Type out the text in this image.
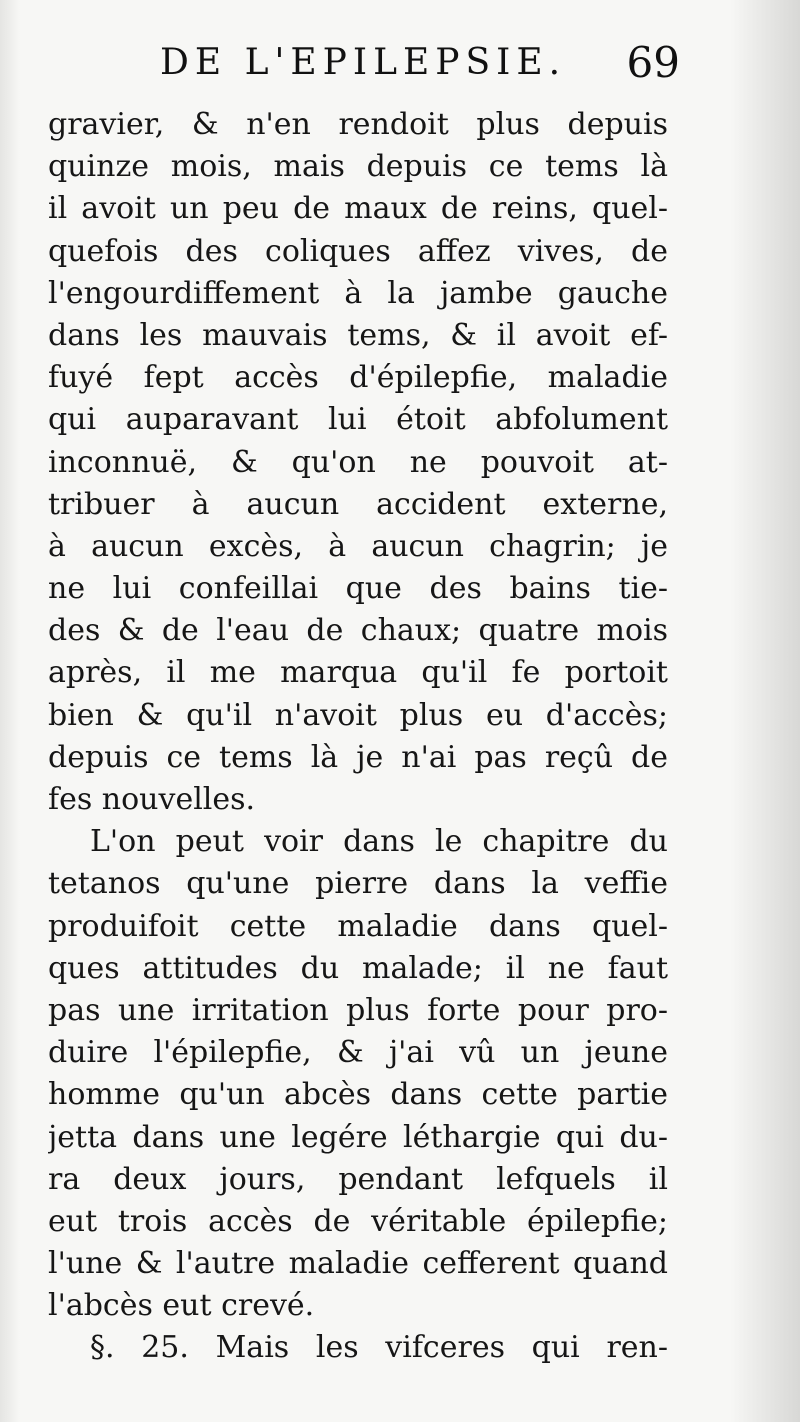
DE L'EPILEPSIE. 69
gravier, & n'en rendoit plus depuis
quinze mois, mais depuis ce tems là
il avoit un peu de maux de reins, quel-
quefois des coliques affez vives, de
l'engourdiffement à la jambe gauche
dans les mauvais tems, & il avoit ef-
fuyé fept accès d'épilepfie, maladie
qui auparavant lui étoit abfolument
inconnuë, & qu'on ne pouvoit at-
tribuer à aucun accident externe,
à aucun excès, à aucun chagrin; je
ne lui confeillai que des bains tie-
des & de l'eau de chaux; quatre mois
après, il me marqua qu'il fe portoit
bien & qu'il n'avoit plus eu d'accès;
depuis ce tems là je n'ai pas reçû de
fes nouvelles.
L'on peut voir dans le chapitre du
tetanos qu'une pierre dans la veffie
produifoit cette maladie dans quel-
ques attitudes du malade; il ne faut
pas une irritation plus forte pour pro-
duire l'épilepfie, & j'ai vû un jeune
homme qu'un abcès dans cette partie
jetta dans une legére léthargie qui du-
ra deux jours, pendant lefquels il
eut trois accès de véritable épilepfie;
l'une & l'autre maladie cefferent quand
l'abcès eut crevé.
§. 25. Mais les vifceres qui ren-
